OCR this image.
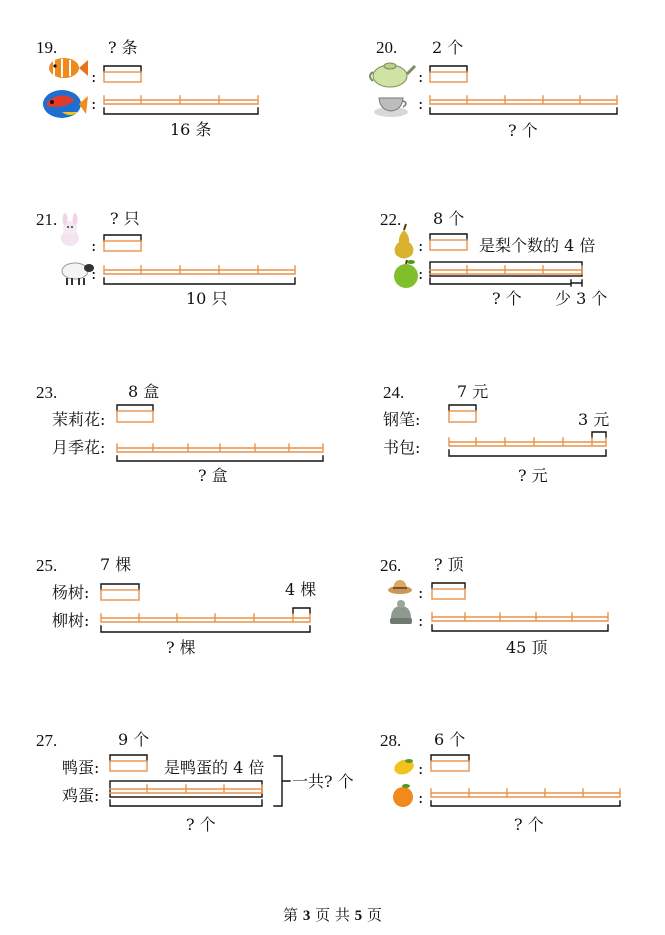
19.	? 条
:
:
16 条
20. 2 个
:
:
? 个
21.	? 只
:
:
10 只
22. 8 个
:
:
是梨个数的 4 倍
? 个 少 3 个
23.	8 盒
茉莉花:
月季花:
? 盒
24.	7 元
钢笔:
书包:
3 元
? 元
25.	7 棵
杨树:
柳树:
4 棵
? 棵
26. ? 顶
:
:
45 顶
27.	9 个
鸭蛋:
鸡蛋:
是鸭蛋的 4 倍
一共? 个
? 个
28. 6 个
:
:
? 个
第 3 页 共 5 页
